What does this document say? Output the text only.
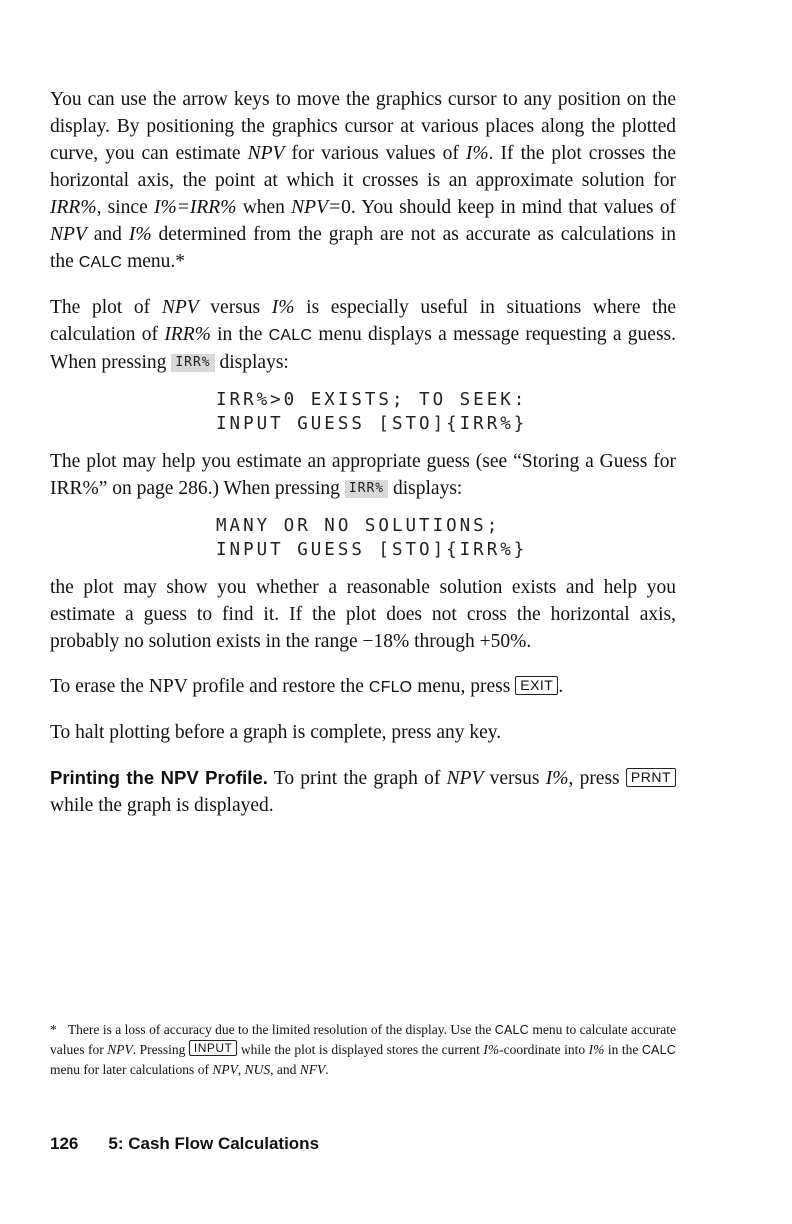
You can use the arrow keys to move the graphics cursor to any position on the display. By positioning the graphics cursor at various places along the plotted curve, you can estimate NPV for various values of I%. If the plot crosses the horizontal axis, the point at which it crosses is an approximate solution for IRR%, since I%=IRR% when NPV=0. You should keep in mind that values of NPV and I% determined from the graph are not as accurate as calculations in the CALC menu.*

The plot of NPV versus I% is especially useful in situations where the calculation of IRR% in the CALC menu displays a message requesting a guess. When pressing IRR% displays:

IRR%>0 EXISTS; TO SEEK:
INPUT GUESS [STO]{IRR%}

The plot may help you estimate an appropriate guess (see “Storing a Guess for IRR%” on page 286.) When pressing IRR% displays:

MANY OR NO SOLUTIONS;
INPUT GUESS [STO]{IRR%}

the plot may show you whether a reasonable solution exists and help you estimate a guess to find it. If the plot does not cross the horizontal axis, probably no solution exists in the range −18% through +50%.

To erase the NPV profile and restore the CFLO menu, press EXIT .

To halt plotting before a graph is complete, press any key.

Printing the NPV Profile. To print the graph of NPV versus I%, press PRNT while the graph is displayed.

* There is a loss of accuracy due to the limited resolution of the display. Use the CALC menu to calculate accurate values for NPV. Pressing INPUT while the plot is displayed stores the current I%-coordinate into I% in the CALC menu for later calculations of NPV, NUS, and NFV.
126 5: Cash Flow Calculations
